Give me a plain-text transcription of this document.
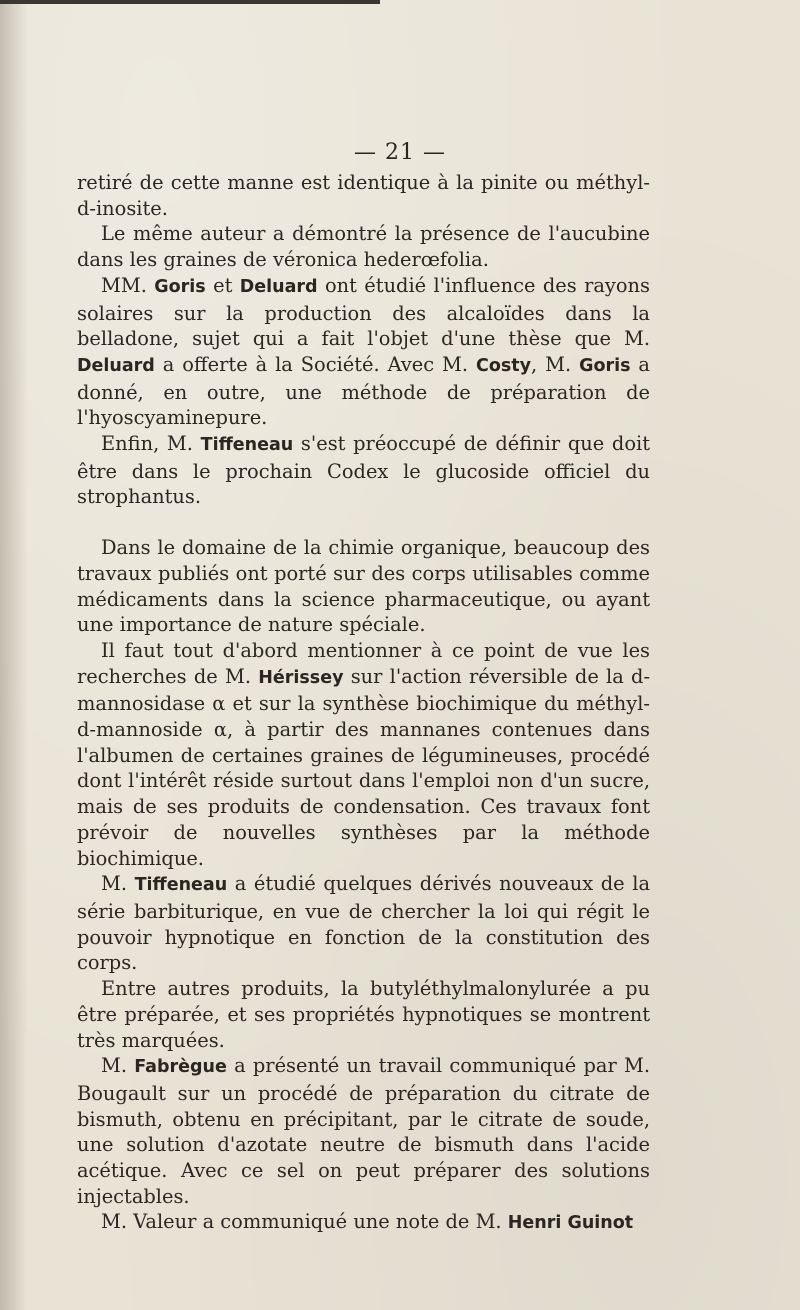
— 21 —

retiré de cette manne est identique à la pinite ou méthyl-d-inosite.

Le même auteur a démontré la présence de l'aucubine dans les graines de véronica hederœfolia.

MM. Goris et Deluard ont étudié l'influence des rayons solaires sur la production des alcaloïdes dans la belladone, sujet qui a fait l'objet d'une thèse que M. Deluard a offerte à la Société. Avec M. Costy, M. Goris a donné, en outre, une méthode de préparation de l'hyoscyaminepure.

Enfin, M. Tiffeneau s'est préoccupé de définir que doit être dans le prochain Codex le glucoside officiel du strophantus.

Dans le domaine de la chimie organique, beaucoup des travaux publiés ont porté sur des corps utilisables comme médicaments dans la science pharmaceutique, ou ayant une importance de nature spéciale.

Il faut tout d'abord mentionner à ce point de vue les recherches de M. Hérissey sur l'action réversible de la d-mannosidase α et sur la synthèse biochimique du méthyl-d-mannoside α, à partir des mannanes contenues dans l'albumen de certaines graines de légumineuses, procédé dont l'intérêt réside surtout dans l'emploi non d'un sucre, mais de ses produits de condensation. Ces travaux font prévoir de nouvelles synthèses par la méthode biochimique.

M. Tiffeneau a étudié quelques dérivés nouveaux de la série barbiturique, en vue de chercher la loi qui régit le pouvoir hypnotique en fonction de la constitution des corps.

Entre autres produits, la butyléthylmalonylurée a pu être préparée, et ses propriétés hypnotiques se montrent très marquées.

M. Fabrègue a présenté un travail communiqué par M. Bougault sur un procédé de préparation du citrate de bismuth, obtenu en précipitant, par le citrate de soude, une solution d'azotate neutre de bismuth dans l'acide acétique. Avec ce sel on peut préparer des solutions injectables.

M. Valeur a communiqué une note de M. Henri Guinot
